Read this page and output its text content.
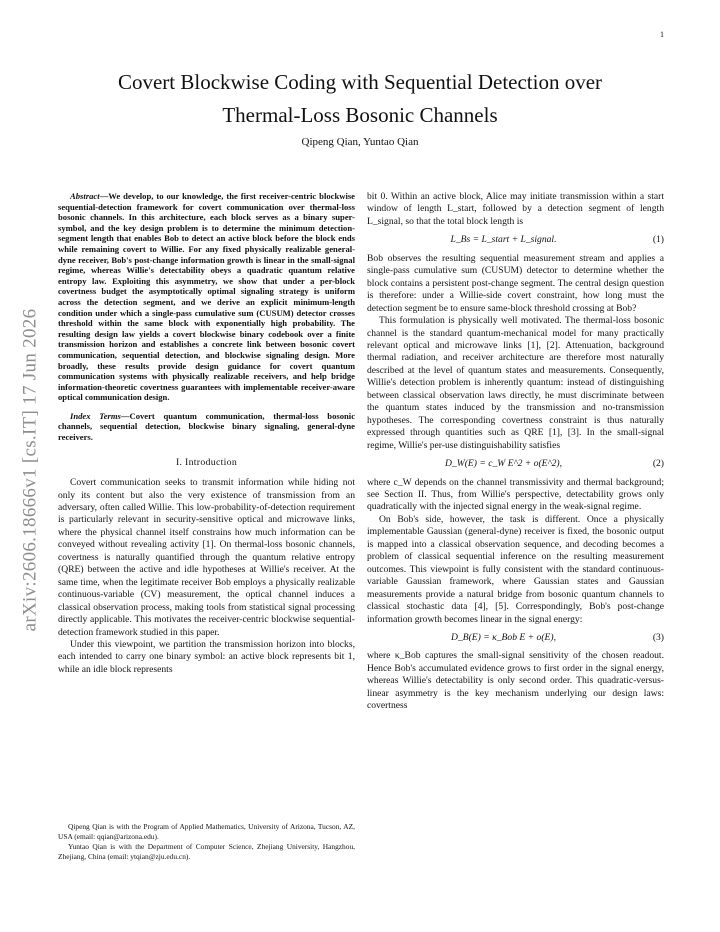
1
arXiv:2606.18666v1 [cs.IT] 17 Jun 2026
Covert Blockwise Coding with Sequential Detection over
Thermal-Loss Bosonic Channels
Qipeng Qian, Yuntao Qian

Abstract—We develop, to our knowledge, the first receiver-centric blockwise sequential-detection framework for covert communication over thermal-loss bosonic channels. In this architecture, each block serves as a binary super-symbol, and the key design problem is to determine the minimum detection-segment length that enables Bob to detect an active block before the block ends while remaining covert to Willie. For any fixed physically realizable general-dyne receiver, Bob's post-change information growth is linear in the small-signal regime, whereas Willie's detectability obeys a quadratic quantum relative entropy law. Exploiting this asymmetry, we show that under a per-block covertness budget the asymptotically optimal signaling strategy is uniform across the detection segment, and we derive an explicit minimum-length condition under which a single-pass cumulative sum (CUSUM) detector crosses threshold within the same block with exponentially high probability. The resulting design law yields a covert blockwise binary codebook over a finite transmission horizon and establishes a concrete link between bosonic covert communication, sequential detection, and blockwise signaling design. More broadly, these results provide design guidance for covert quantum communication systems with physically realizable receivers, and help bridge information-theoretic covertness guarantees with implementable receiver-aware optical communication design.

Index Terms—Covert quantum communication, thermal-loss bosonic channels, sequential detection, blockwise binary signaling, general-dyne receivers.

I. Introduction

Covert communication seeks to transmit information while hiding not only its content but also the very existence of transmission from an adversary, often called Willie. This low-probability-of-detection requirement is particularly relevant in security-sensitive optical and microwave links, where the physical channel itself constrains how much information can be conveyed without revealing activity [1]. On thermal-loss bosonic channels, covertness is naturally quantified through the quantum relative entropy (QRE) between the active and idle hypotheses at Willie's receiver. At the same time, when the legitimate receiver Bob employs a physically realizable continuous-variable (CV) measurement, the optical channel induces a classical observation process, making tools from statistical signal processing directly applicable. This motivates the receiver-centric blockwise sequential-detection framework studied in this paper.

Under this viewpoint, we partition the transmission horizon into blocks, each intended to carry one binary symbol: an active block represents bit 1, while an idle block represents

Qipeng Qian is with the Program of Applied Mathematics, University of Arizona, Tucson, AZ, USA (email: qqian@arizona.edu).

Yuntao Qian is with the Department of Computer Science, Zhejiang University, Hangzhou, Zhejiang, China (email: ytqian@zju.edu.cn).

bit 0. Within an active block, Alice may initiate transmission within a start window of length L_start, followed by a detection segment of length L_signal, so that the total block length is

L_Bs = L_start + L_signal.	(1)

Bob observes the resulting sequential measurement stream and applies a single-pass cumulative sum (CUSUM) detector to determine whether the block contains a persistent post-change segment. The central design question is therefore: under a Willie-side covert constraint, how long must the detection segment be to ensure same-block threshold crossing at Bob?

This formulation is physically well motivated. The thermal-loss bosonic channel is the standard quantum-mechanical model for many practically relevant optical and microwave links [1], [2]. Attenuation, background thermal radiation, and receiver architecture are therefore most naturally described at the level of quantum states and measurements. Consequently, Willie's detection problem is inherently quantum: instead of distinguishing between classical observation laws directly, he must discriminate between the quantum states induced by the transmission and no-transmission hypotheses. The corresponding covertness constraint is thus naturally expressed through quantities such as QRE [1], [3]. In the small-signal regime, Willie's per-use distinguishability satisfies

D_W(E) = c_W E^2 + o(E^2),	(2)

where c_W depends on the channel transmissivity and thermal background; see Section II. Thus, from Willie's perspective, detectability grows only quadratically with the injected signal energy in the weak-signal regime.

On Bob's side, however, the task is different. Once a physically implementable Gaussian (general-dyne) receiver is fixed, the bosonic output is mapped into a classical observation sequence, and decoding becomes a problem of classical sequential inference on the resulting measurement outcomes. This viewpoint is fully consistent with the standard continuous-variable Gaussian framework, where Gaussian states and Gaussian measurements provide a natural bridge from bosonic quantum channels to classical stochastic data [4], [5]. Correspondingly, Bob's post-change information growth becomes linear in the signal energy:

D_B(E) = κ_Bob E + o(E),	(3)

where κ_Bob captures the small-signal sensitivity of the chosen readout. Hence Bob's accumulated evidence grows to first order in the signal energy, whereas Willie's detectability is only second order. This quadratic-versus-linear asymmetry is the key mechanism underlying our design laws: covertness
